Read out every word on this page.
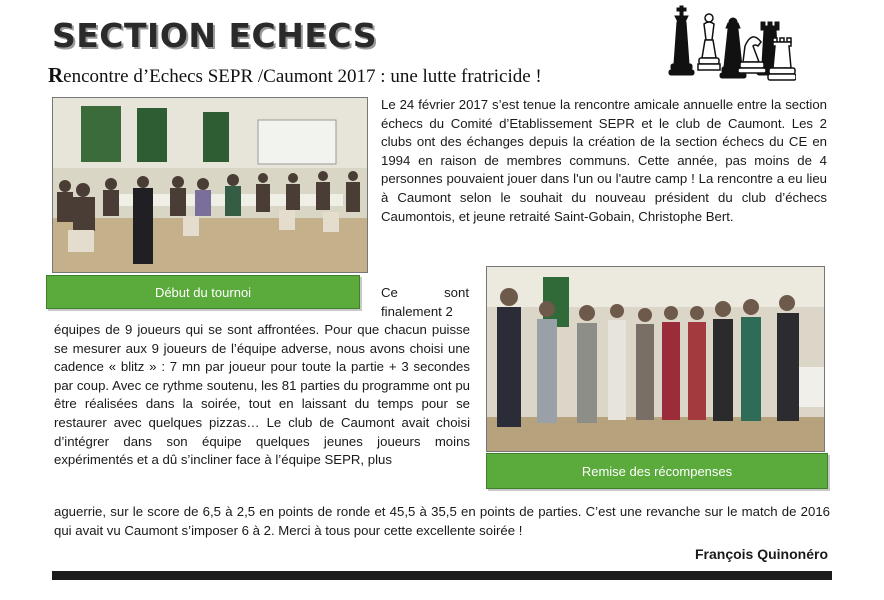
SECTION ECHECS
Rencontre d’Echecs SEPR /Caumont 2017 : une lutte fratricide !
Début du tournoi
Remise des récompenses
Le 24 février 2017 s’est tenue la rencontre amicale annuelle entre la section échecs du Comité d’Etablissement SEPR et le club de Caumont. Les 2 clubs ont des échanges depuis la création de la section échecs du CE en 1994 en raison de membres communs. Cette année, pas moins de 4 personnes pouvaient jouer dans l'un ou l'autre camp ! La rencontre a eu lieu à Caumont selon le souhait du nouveau président du club d’échecs Caumontois, et jeune retraité Saint-Gobain, Christophe Bert.
Ce sont finalement 2
équipes de 9 joueurs qui se sont affrontées. Pour que chacun puisse se mesurer aux 9 joueurs de l’équipe adverse, nous avons choisi une cadence « blitz » : 7 mn par joueur pour toute la partie + 3 secondes par coup. Avec ce rythme soutenu, les 81 parties du programme ont pu être réalisées dans la soirée, tout en laissant du temps pour se restaurer avec quelques pizzas… Le club de Caumont avait choisi d’intégrer dans son équipe quelques jeunes joueurs moins expérimentés et a dû s’incliner face à l’équipe SEPR, plus
aguerrie, sur le score de 6,5 à 2,5 en points de ronde et 45,5 à 35,5 en points de parties. C’est une revanche sur le match de 2016 qui avait vu Caumont s’imposer 6 à 2. Merci à tous pour cette excellente soirée !
François Quinonéro
